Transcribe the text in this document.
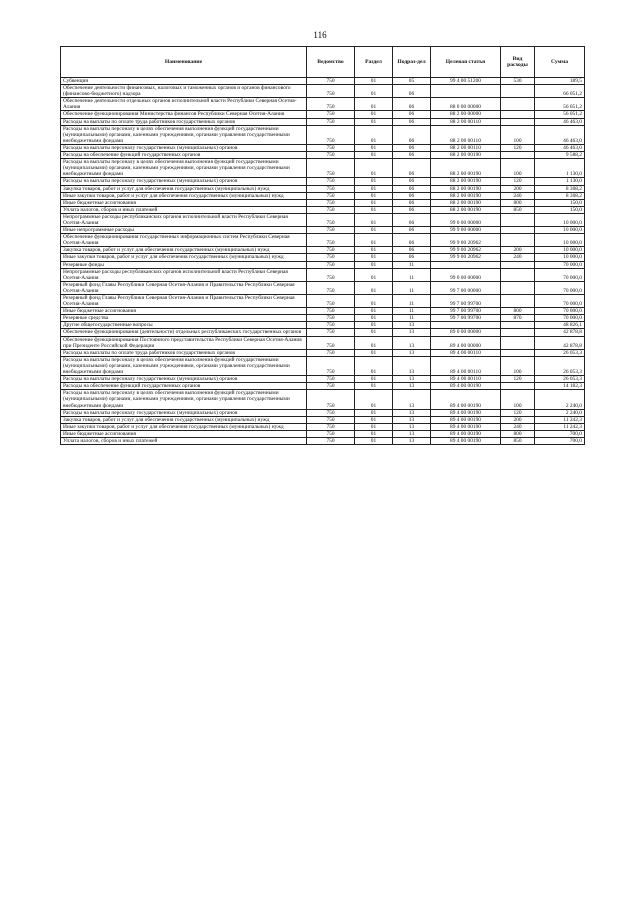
116
Наименование	Ведомство	Раздел	Подраз-дел	Целевая статья	Вид расходы	Сумма
Субвенции	750	01	05	99 4 00 51200	530	189,5
Обеспечение деятельности финансовых, налоговых и таможенных органов и органов финансового (финансово-бюджетного) надзора	750	01	06			66 051,2
Обеспечение деятельности отдельных органов исполнительной власти Республики Северная Осетия-Алания	750	01	06	88 0 00 00000		56 051,2
Обеспечение функционирования Министерства финансов Республики Северная Осетия-Алания	750	01	06	88 2 00 00000		56 051,2
Расходы на выплаты по оплате труда работников государственных органов	750	01	06	88 2 00 00110		46 463,0
Расходы на выплаты персоналу в целях обеспечения выполнения функций государственными (муниципальными) органами, казенными учреждениями, органами управления государственными внебюджетными фондами	750	01	06	88 2 00 00110	100	46 463,0
Расходы на выплаты персоналу государственных (муниципальных) органов	750	01	06	88 2 00 00110	120	46 463,0
Расходы на обеспечение функций государственных органов	750	01	06	88 2 00 00190		9 588,2
Расходы на выплаты персоналу в целях обеспечения выполнения функций государственными (муниципальными) органами, казенными учреждениями, органами управления государственными внебюджетными фондами	750	01	06	88 2 00 00190	100	1 130,0
Расходы на выплаты персоналу государственных (муниципальных) органов	750	01	06	88 2 00 00190	120	1 130,0
Закупка товаров, работ и услуг для обеспечения государственных (муниципальных) нужд	750	01	06	88 2 00 00190	200	8 308,2
Иные закупки товаров, работ и услуг для обеспечения государственных (муниципальных) нужд	750	01	06	88 2 00 00190	240	8 308,2
Иные бюджетные ассигнования	750	01	06	88 2 00 00190	800	150,0
Уплата налогов, сборов и иных платежей	750	01	06	88 2 00 00190	850	150,0
Непрограммные расходы республиканских органов исполнительной власти Республики Северная Осетия-Алания	750	01	06	99 0 00 00000		10 000,0
Иные непрограммные расходы	750	01	06	99 9 00 00000		10 000,0
Обеспечение функционирования государственных информационных систем Республики Северная Осетия-Алания	750	01	06	99 9 00 20962		10 000,0
Закупка товаров, работ и услуг для обеспечения государственных (муниципальных) нужд	750	01	06	99 9 00 20962	200	10 000,0
Иные закупки товаров, работ и услуг для обеспечения государственных (муниципальных) нужд	750	01	06	99 9 00 20962	240	10 000,0
Резервные фонды	750	01	11			70 000,0
Непрограммные расходы республиканских органов исполнительной власти Республики Северная Осетия-Алания	750	01	11	99 0 00 00000		70 000,0
Резервный фонд Главы Республики Северная Осетия-Алания и Правительства Республики Северная Осетия-Алания	750	01	11	99 7 00 00000		70 000,0
Резервный фонд Главы Республики Северная Осетия-Алания и Правительства Республики Северная Осетия-Алания	750	01	11	99 7 00 99700		70 000,0
Иные бюджетные ассигнования	750	01	11	99 7 00 99700	800	70 000,0
Резервные средства	750	01	11	99 7 00 99700	870	70 000,0
Другие общегосударственные вопросы	750	01	13			48 826,1
Обеспечение функционирования (деятельности) отдельных республиканских государственных органов	750	01	13	89 0 00 00000		42 878,8
Обеспечение функционирования Постоянного представительства Республики Северная Осетия-Алания при Президенте Российской Федерации	750	01	13	89 4 00 00000		42 878,8
Расходы на выплаты по оплате труда работников государственных органов	750	01	13	89 4 00 00110		26 053,3
Расходы на выплаты персоналу в целях обеспечения выполнения функций государственными (муниципальными) органами, казенными учреждениями, органами управления государственными внебюджетными фондами	750	01	13	89 4 00 00110	100	26 053,3
Расходы на выплаты персоналу государственных (муниципальных) органов	750	01	13	89 4 00 00110	120	26 053,3
Расходы на обеспечение функций государственных органов	750	01	13	89 4 00 00190		14 182,3
Расходы на выплаты персоналу в целях обеспечения выполнения функций государственными (муниципальными) органами, казенными учреждениями, органами управления государственными внебюджетными фондами	750	01	13	89 4 00 00190	100	2 240,0
Расходы на выплаты персоналу государственных (муниципальных) органов	750	01	13	89 4 00 00190	120	2 240,0
Закупка товаров, работ и услуг для обеспечения государственных (муниципальных) нужд	750	01	13	89 4 00 00190	200	11 242,3
Иные закупки товаров, работ и услуг для обеспечения государственных (муниципальных) нужд	750	01	13	89 4 00 00190	240	11 242,3
Иные бюджетные ассигнования	750	01	13	89 4 00 00190	800	700,0
Уплата налогов, сборов и иных платежей	750	01	13	89 4 00 00190	850	700,0
